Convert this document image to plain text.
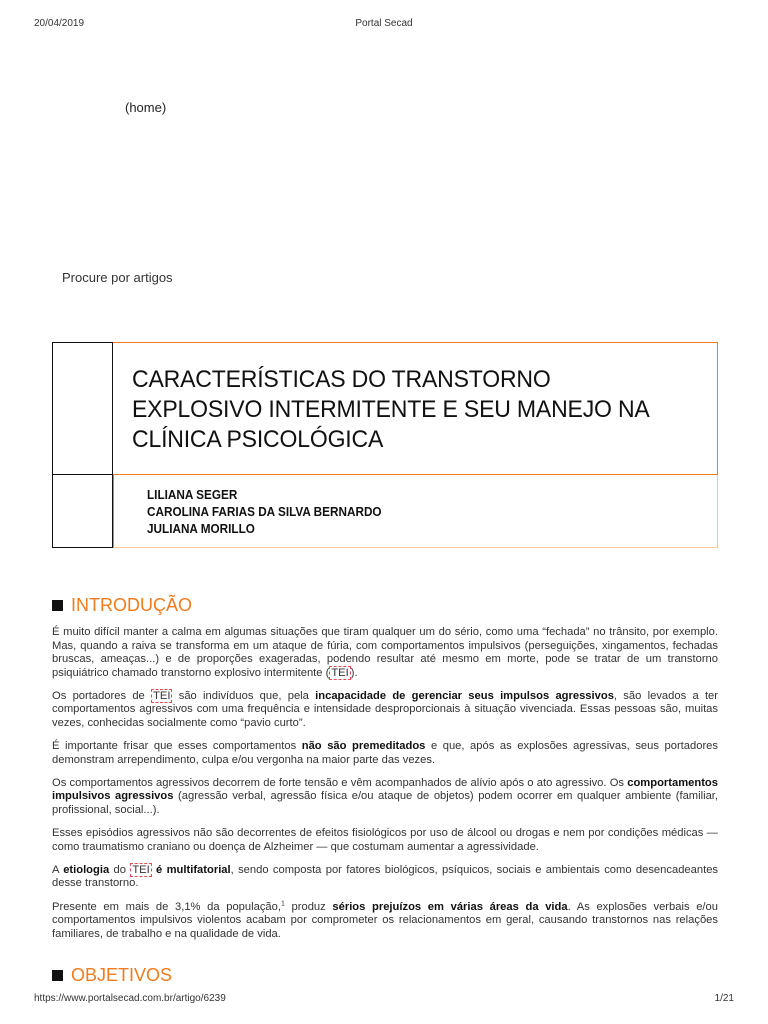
20/04/2019	Portal Secad
(home)
Procure por artigos
CARACTERÍSTICAS DO TRANSTORNO EXPLOSIVO INTERMITENTE E SEU MANEJO NA CLÍNICA PSICOLÓGICA
LILIANA SEGER
CAROLINA FARIAS DA SILVA BERNARDO
JULIANA MORILLO
INTRODUÇÃO

É muito difícil manter a calma em algumas situações que tiram qualquer um do sério, como uma “fechada” no trânsito, por exemplo. Mas, quando a raiva se transforma em um ataque de fúria, com comportamentos impulsivos (perseguições, xingamentos, fechadas bruscas, ameaças...) e de proporções exageradas, podendo resultar até mesmo em morte, pode se tratar de um transtorno psiquiátrico chamado transtorno explosivo intermitente ( TEI ).

Os portadores de TEI são indivíduos que, pela incapacidade de gerenciar seus impulsos agressivos, são levados a ter comportamentos agressivos com uma frequência e intensidade desproporcionais à situação vivenciada. Essas pessoas são, muitas vezes, conhecidas socialmente como “pavio curto”.

É importante frisar que esses comportamentos não são premeditados e que, após as explosões agressivas, seus portadores demonstram arrependimento, culpa e/ou vergonha na maior parte das vezes.

Os comportamentos agressivos decorrem de forte tensão e vêm acompanhados de alívio após o ato agressivo. Os comportamentos impulsivos agressivos (agressão verbal, agressão física e/ou ataque de objetos) podem ocorrer em qualquer ambiente (familiar, profissional, social...).

Esses episódios agressivos não são decorrentes de efeitos fisiológicos por uso de álcool ou drogas e nem por condições médicas — como traumatismo craniano ou doença de Alzheimer — que costumam aumentar a agressividade.

A etiologia do TEI é multifatorial, sendo composta por fatores biológicos, psíquicos, sociais e ambientais como desencadeantes desse transtorno.

Presente em mais de 3,1% da população,$^1$ produz sérios prejuízos em várias áreas da vida. As explosões verbais e/ou comportamentos impulsivos violentos acabam por comprometer os relacionamentos em geral, causando transtornos nas relações familiares, de trabalho e na qualidade de vida.

OBJETIVOS
https://www.portalsecad.com.br/artigo/6239	1/21
